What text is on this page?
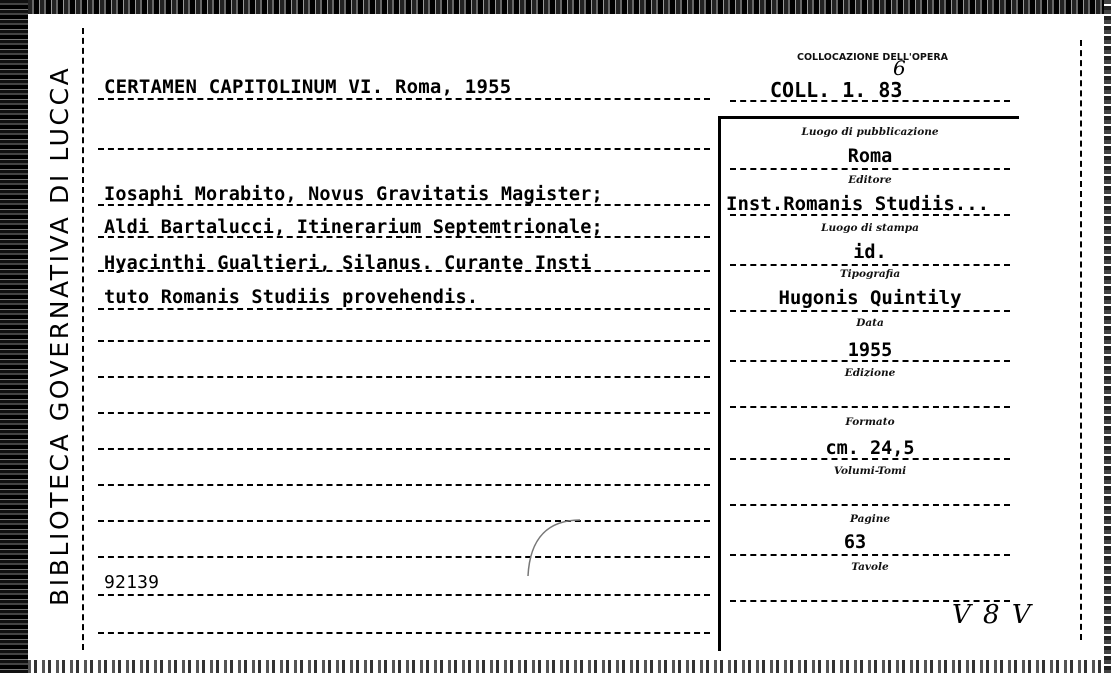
BIBLIOTECA GOVERNATIVA DI LUCCA CERTAMEN CAPITOLINUM VI. Roma, 1955
COLLOCAZIONE DELL'OPERA
COLL. 1. 83
6
Iosaphi Morabito, Novus Gravitatis Magister;
Aldi Bartalucci, Itinerarium Septemtrionale;
Hyacinthi Gualtieri, Silanus. Curante Insti
tuto Romanis Studiis provehendis.
92139
Luogo di pubblicazione
Roma
Editore
Inst.Romanis Studiis...
Luogo di stampa
id.
Tipografia
Hugonis Quintily
Data
1955
Edizione
Formato
cm. 24,5
Volumi-Tomi
Pagine
63
Tavole
V 8 V
